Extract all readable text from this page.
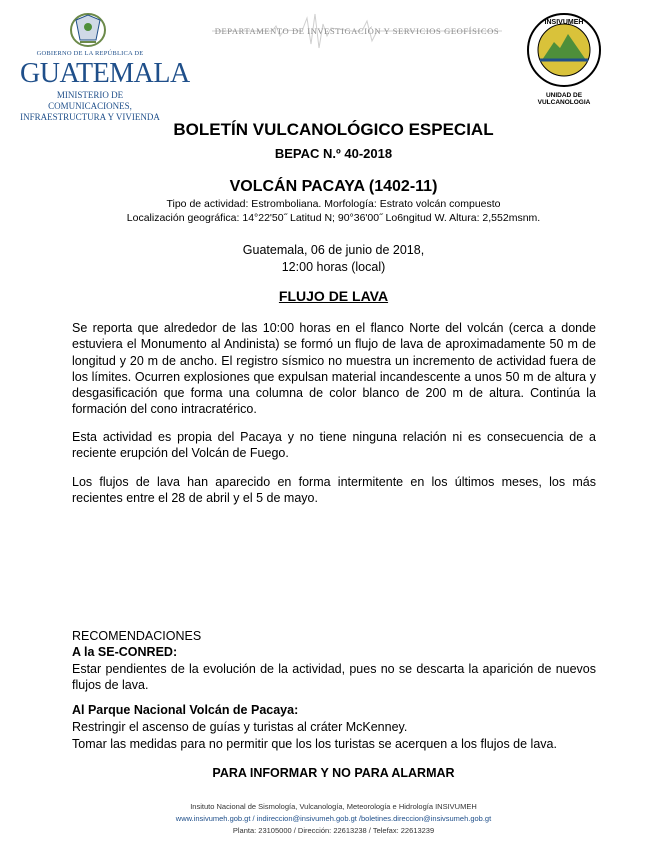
GOBIERNO DE LA REPÚBLICA DE
GUATEMALA
MINISTERIO DE COMUNICACIONES,
INFRAESTRUCTURA Y VIVIENDA
DEPARTAMENTO DE INVESTIGACIÓN Y SERVICIOS GEOFÍSICOS
INSIVUMEH
UNIDAD DE VULCANOLOGIA
BOLETÍN VULCANOLÓGICO ESPECIAL
BEPAC N.º 40-2018
VOLCÁN PACAYA (1402-11)
Tipo de actividad: Estromboliana. Morfología: Estrato volcán compuesto
Localización geográfica: 14°22'50˝ Latitud N; 90°36'00˝ Lo6ngitud W. Altura: 2,552msnm.
Guatemala, 06 de junio de 2018,
12:00 horas (local)
FLUJO DE LAVA
Se reporta que alrededor de las 10:00 horas en el flanco Norte del volcán (cerca a donde estuviera el Monumento al Andinista) se formó un flujo de lava de aproximadamente 50 m de longitud y 20 m de ancho. El registro sísmico no muestra un incremento de actividad fuera de los límites. Ocurren explosiones que expulsan material incandescente a unos 50 m de altura y desgasificación que forma una columna de color blanco de 200 m de altura. Continúa la formación del cono intracratérico.
Esta actividad es propia del Pacaya y no tiene ninguna relación ni es consecuencia de a reciente erupción del Volcán de Fuego.
Los flujos de lava han aparecido en forma intermitente en los últimos meses, los más recientes entre el 28 de abril y el 5 de mayo.
RECOMENDACIONES
A la SE-CONRED:
Estar pendientes de la evolución de la actividad, pues no se descarta la aparición de nuevos flujos de lava.
Al Parque Nacional Volcán de Pacaya:
Restringir el ascenso de guías y turistas al cráter McKenney.
Tomar las medidas para no permitir que los los turistas se acerquen a los flujos de lava.
PARA INFORMAR Y NO PARA ALARMAR
Insituto Nacional de Sismología, Vulcanología, Meteorología e Hidrología INSIVUMEH
www.insivumeh.gob.gt / indireccion@insivumeh.gob.gt /boletines.direccion@insivsumeh.gob.gt
Planta: 23105000 / Dirección: 22613238 / Telefax: 22613239
